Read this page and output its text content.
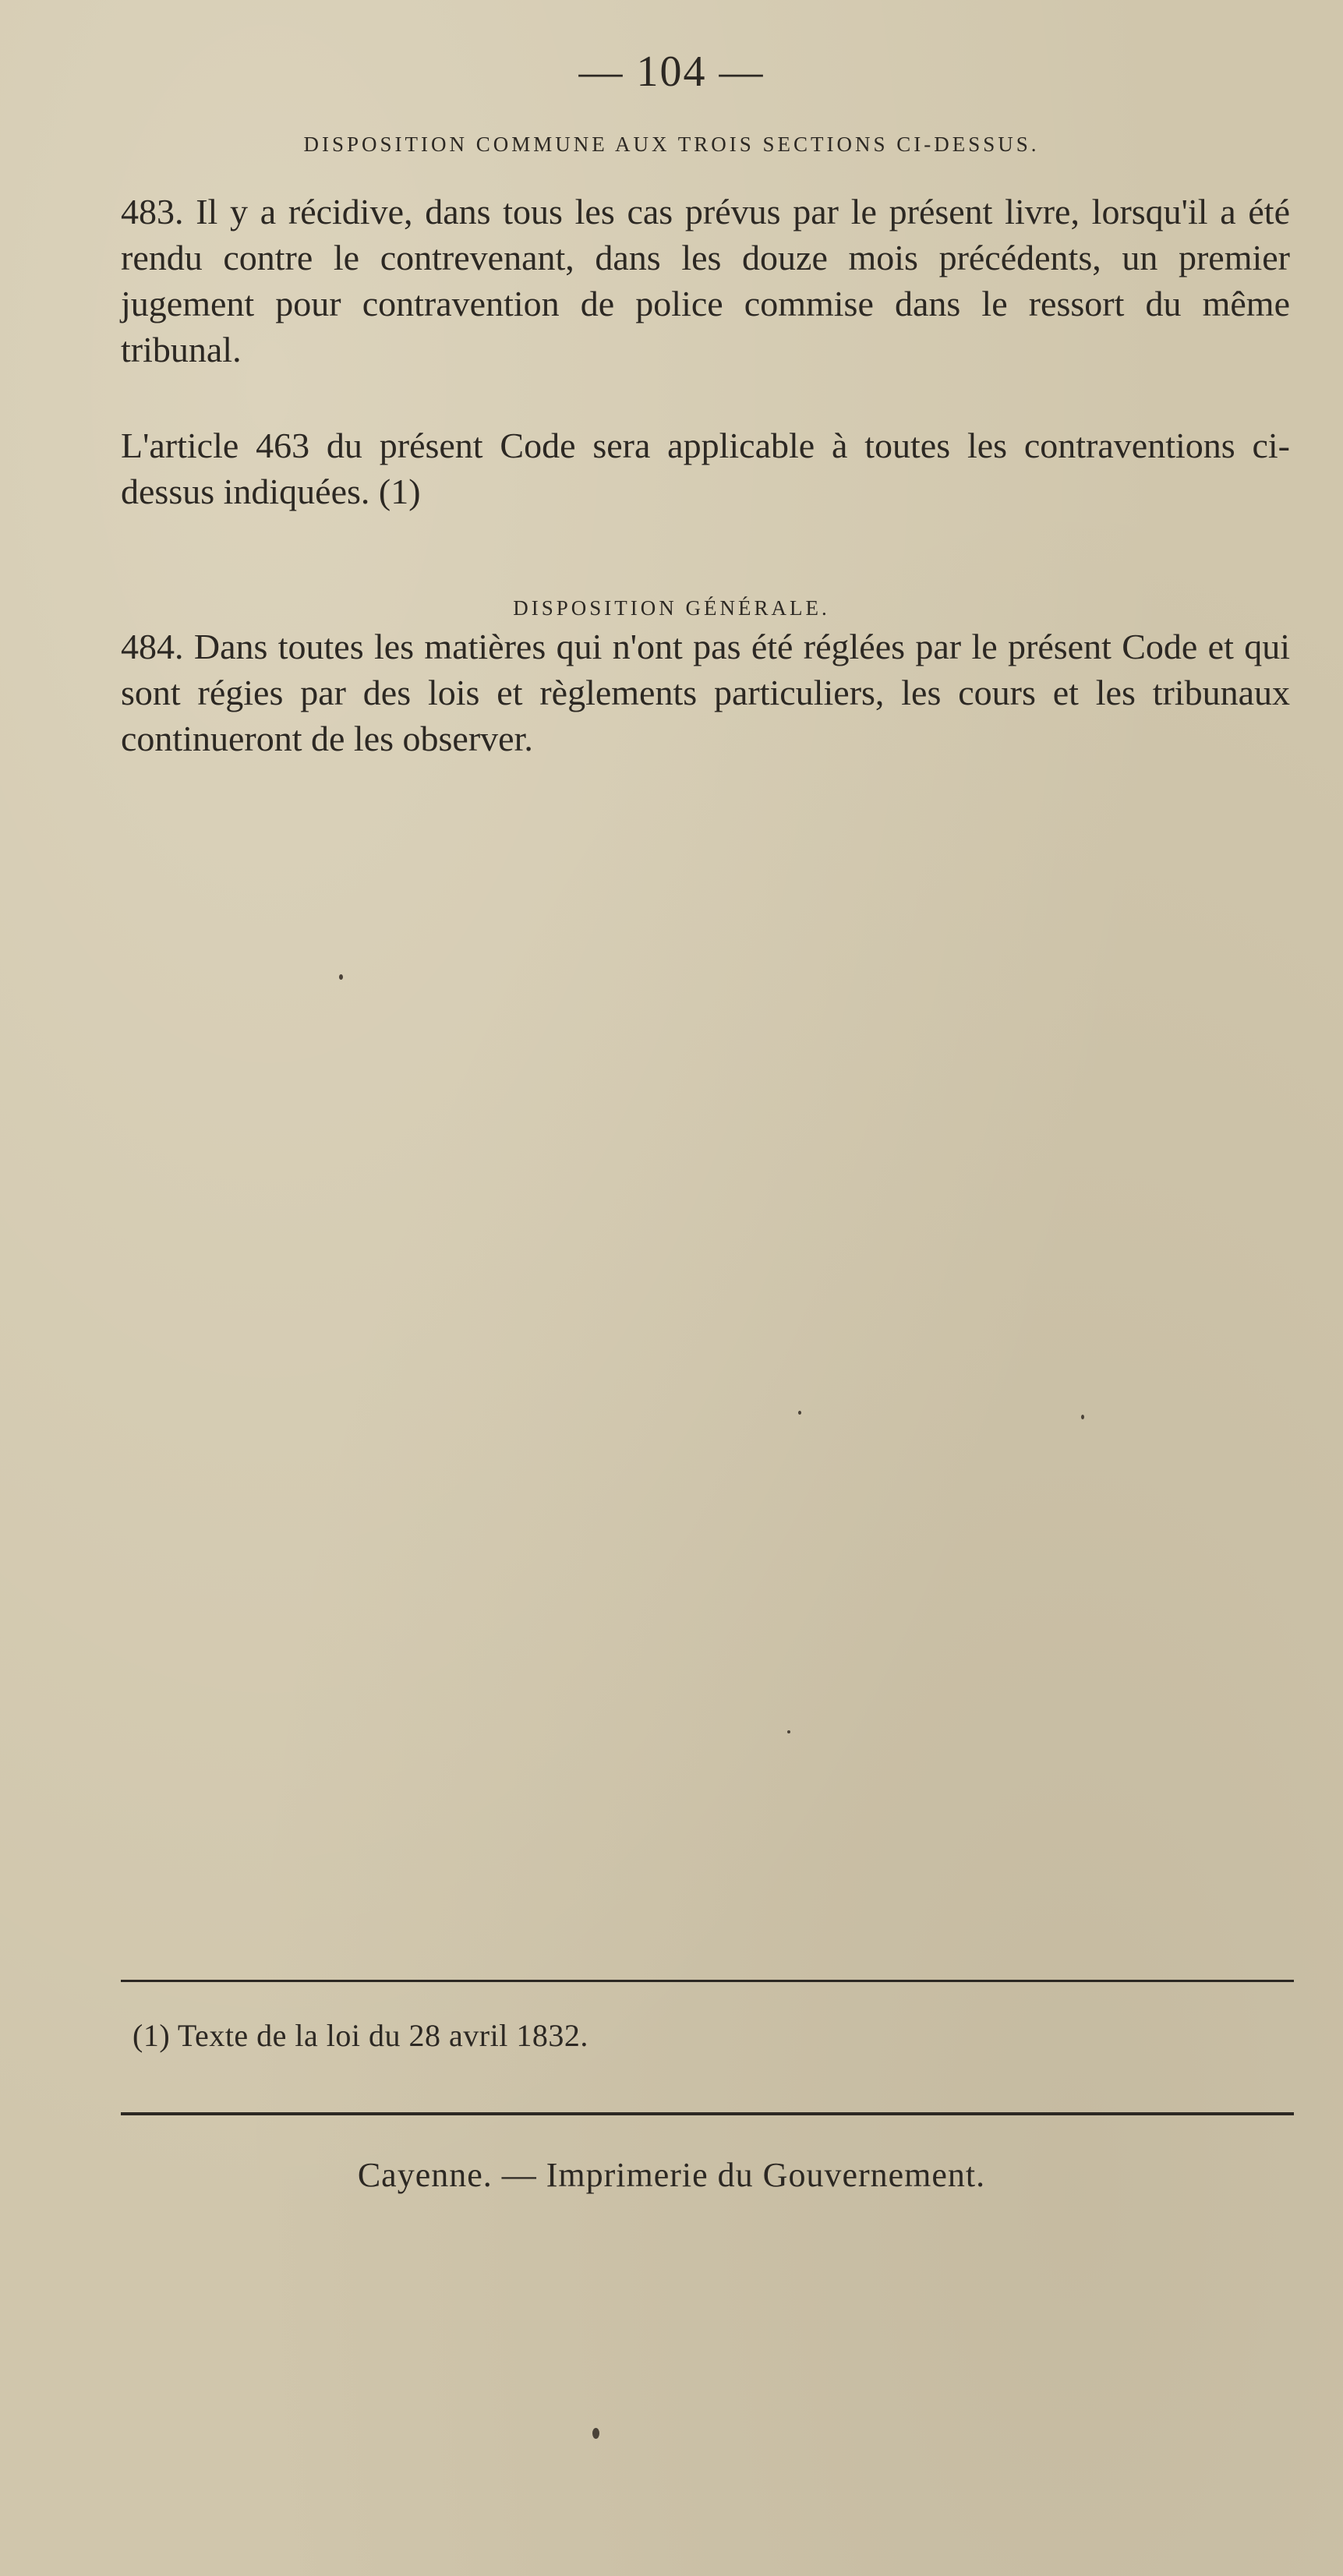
— 104 —
DISPOSITION COMMUNE AUX TROIS SECTIONS CI-DESSUS.
483. Il y a récidive, dans tous les cas prévus par le présent livre, lorsqu'il a été rendu contre le contrevenant, dans les douze mois précédents, un premier jugement pour contravention de police commise dans le ressort du même tribunal.
L'article 463 du présent Code sera applicable à toutes les contraventions ci-dessus indiquées. (1)
DISPOSITION GÉNÉRALE.
484. Dans toutes les matières qui n'ont pas été réglées par le présent Code et qui sont régies par des lois et règlements particuliers, les cours et les tribunaux continueront de les observer.
(1) Texte de la loi du 28 avril 1832.
Cayenne. — Imprimerie du Gouvernement.
